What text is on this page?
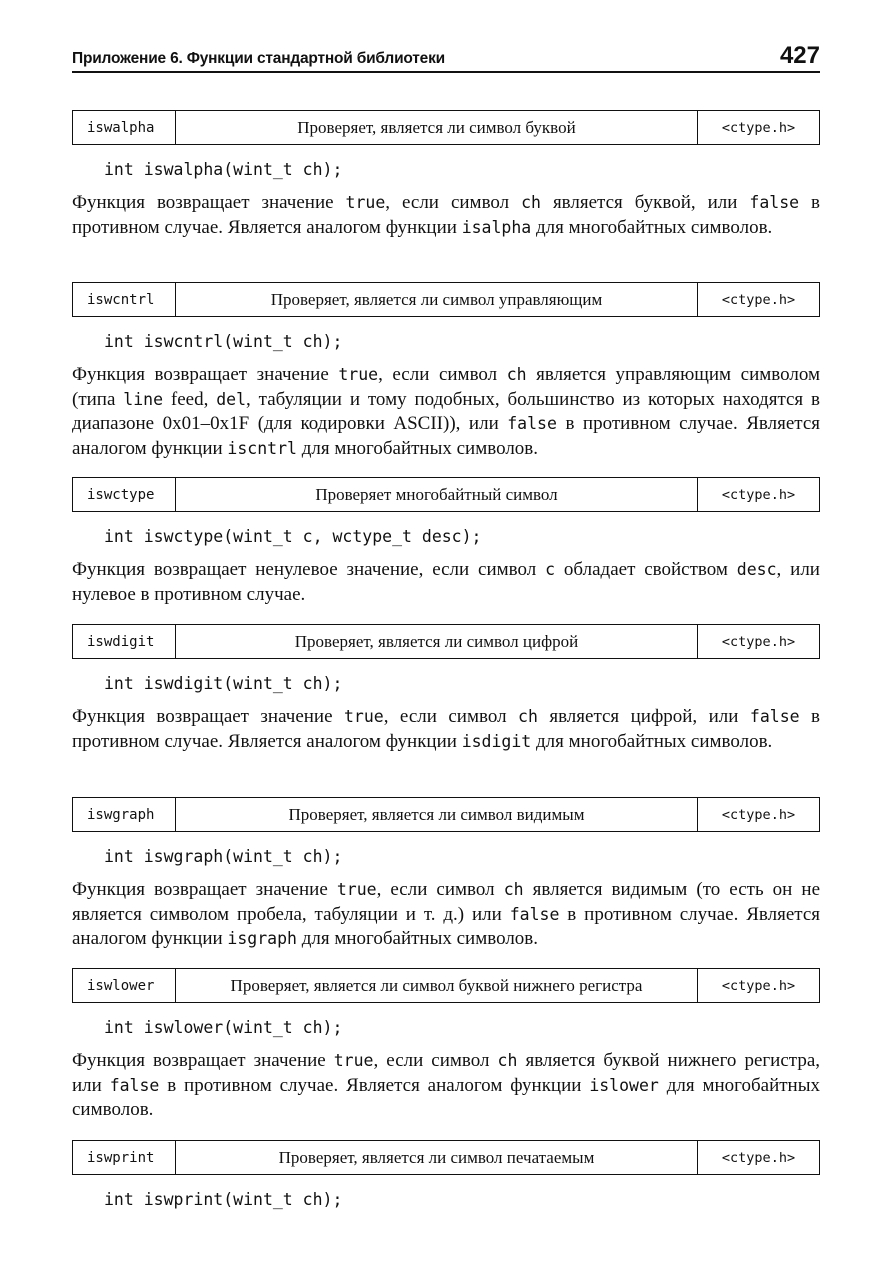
Приложение 6. Функции стандартной библиотеки	427
iswalpha	Проверяет, является ли символ буквой	<ctype.h>
int iswalpha(wint_t ch);
Функция возвращает значение true, если символ ch является буквой, или false в противном случае. Является аналогом функции isalpha для многобайтных символов.
iswcntrl	Проверяет, является ли символ управляющим	<ctype.h>
int iswcntrl(wint_t ch);
Функция возвращает значение true, если символ ch является управляющим символом (типа line feed, del, табуляции и тому подобных, большинство из которых находятся в диапазоне 0x01–0x1F (для кодировки ASCII)), или false в противном случае. Является аналогом функции iscntrl для многобайтных символов.
iswctype	Проверяет многобайтный символ	<ctype.h>
int iswctype(wint_t c, wctype_t desc);
Функция возвращает ненулевое значение, если символ c обладает свойством desc, или нулевое в противном случае.
iswdigit	Проверяет, является ли символ цифрой	<ctype.h>
int iswdigit(wint_t ch);
Функция возвращает значение true, если символ ch является цифрой, или false в противном случае. Является аналогом функции isdigit для многобайтных символов.
iswgraph	Проверяет, является ли символ видимым	<ctype.h>
int iswgraph(wint_t ch);
Функция возвращает значение true, если символ ch является видимым (то есть он не является символом пробела, табуляции и т. д.) или false в противном случае. Является аналогом функции isgraph для многобайтных символов.
iswlower	Проверяет, является ли символ буквой нижнего регистра	<ctype.h>
int iswlower(wint_t ch);
Функция возвращает значение true, если символ ch является буквой нижнего регистра, или false в противном случае. Является аналогом функции islower для многобайтных символов.
iswprint	Проверяет, является ли символ печатаемым	<ctype.h>
int iswprint(wint_t ch);
